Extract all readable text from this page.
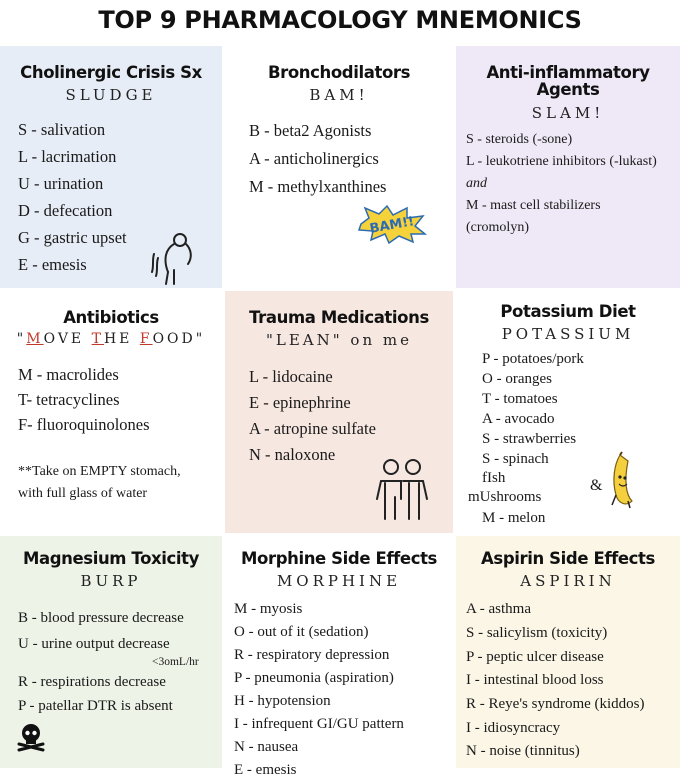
TOP 9 PHARMACOLOGY MNEMONICS
Cholinergic Crisis Sx
SLUDGE
S - salivation
L - lacrimation
U - urination
D - defecation
G - gastric upset
E - emesis
Bronchodilators
BAM!
B - beta2 Agonists
A - anticholinergics
M - methylxanthines
BAM!!
Anti-inflammatory
Agents
SLAM!
S - steroids (-sone)
L - leukotriene inhibitors (-lukast)
and
M - mast cell stabilizers
(cromolyn)
Antibiotics
"MOVE THE FOOD"
M - macrolides
T- tetracyclines
F- fluoroquinolones
**Take on EMPTY stomach,
with full glass of water
Trauma Medications
"LEAN" on me
L - lidocaine
E - epinephrine
A - atropine sulfate
N - naloxone
Potassium Diet
POTASSIUM
P - potatoes/pork
O - oranges
T - tomatoes
A - avocado
S - strawberries
S - spinach
fIsh
mUshrooms
M - melon
&
Magnesium Toxicity
BURP
B - blood pressure decrease
U - urine output decrease
<3omL/hr
R - respirations decrease
P - patellar DTR is absent
Morphine Side Effects
MORPHINE
M - myosis
O - out of it (sedation)
R - respiratory depression
P - pneumonia (aspiration)
H - hypotension
I - infrequent GI/GU pattern
N - nausea
E - emesis
Aspirin Side Effects
ASPIRIN
A - asthma
S - salicylism (toxicity)
P - peptic ulcer disease
I - intestinal blood loss
R - Reye's syndrome (kiddos)
I - idiosyncracy
N - noise (tinnitus)
